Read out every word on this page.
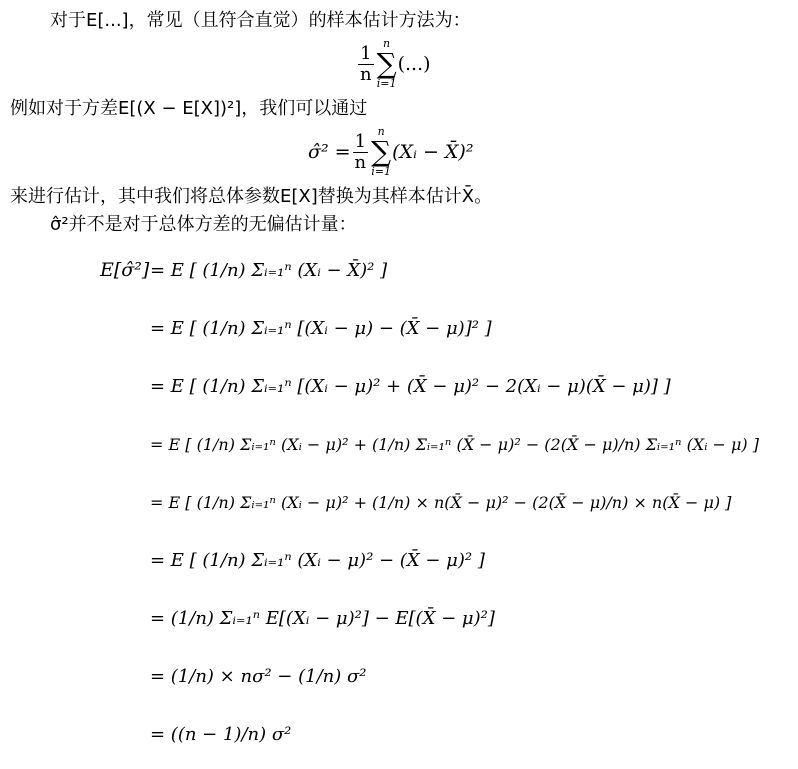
对于E[...]，常见（且符合直觉）的样本估计方法为：
$\frac{1}{n}$ n
∑
i=1
(...)
例如对于方差E[(X − E[X])²]，我们可以通过
σ̂² = $\frac{1}{n}$ n
∑
i=1
(Xᵢ − X̄)²
来进行估计，其中我们将总体参数E[X]替换为其样本估计X̄。
σ̂²并不是对于总体方差的无偏估计量：
E[σ̂²] = E [ (1/n) Σᵢ₌₁ⁿ (Xᵢ − X̄)² ]
= E [ (1/n) Σᵢ₌₁ⁿ [(Xᵢ − μ) − (X̄ − μ)]² ]
= E [ (1/n) Σᵢ₌₁ⁿ [(Xᵢ − μ)² + (X̄ − μ)² − 2(Xᵢ − μ)(X̄ − μ)] ]
= E [ (1/n) Σᵢ₌₁ⁿ (Xᵢ − μ)² + (1/n) Σᵢ₌₁ⁿ (X̄ − μ)² − (2(X̄ − μ)/n) Σᵢ₌₁ⁿ (Xᵢ − μ) ]
= E [ (1/n) Σᵢ₌₁ⁿ (Xᵢ − μ)² + (1/n) × n(X̄ − μ)² − (2(X̄ − μ)/n) × n(X̄ − μ) ]
= E [ (1/n) Σᵢ₌₁ⁿ (Xᵢ − μ)² − (X̄ − μ)² ]
= (1/n) Σᵢ₌₁ⁿ E[(Xᵢ − μ)²] − E[(X̄ − μ)²]
= (1/n) × nσ² − (1/n) σ²
= ((n − 1)/n) σ²
